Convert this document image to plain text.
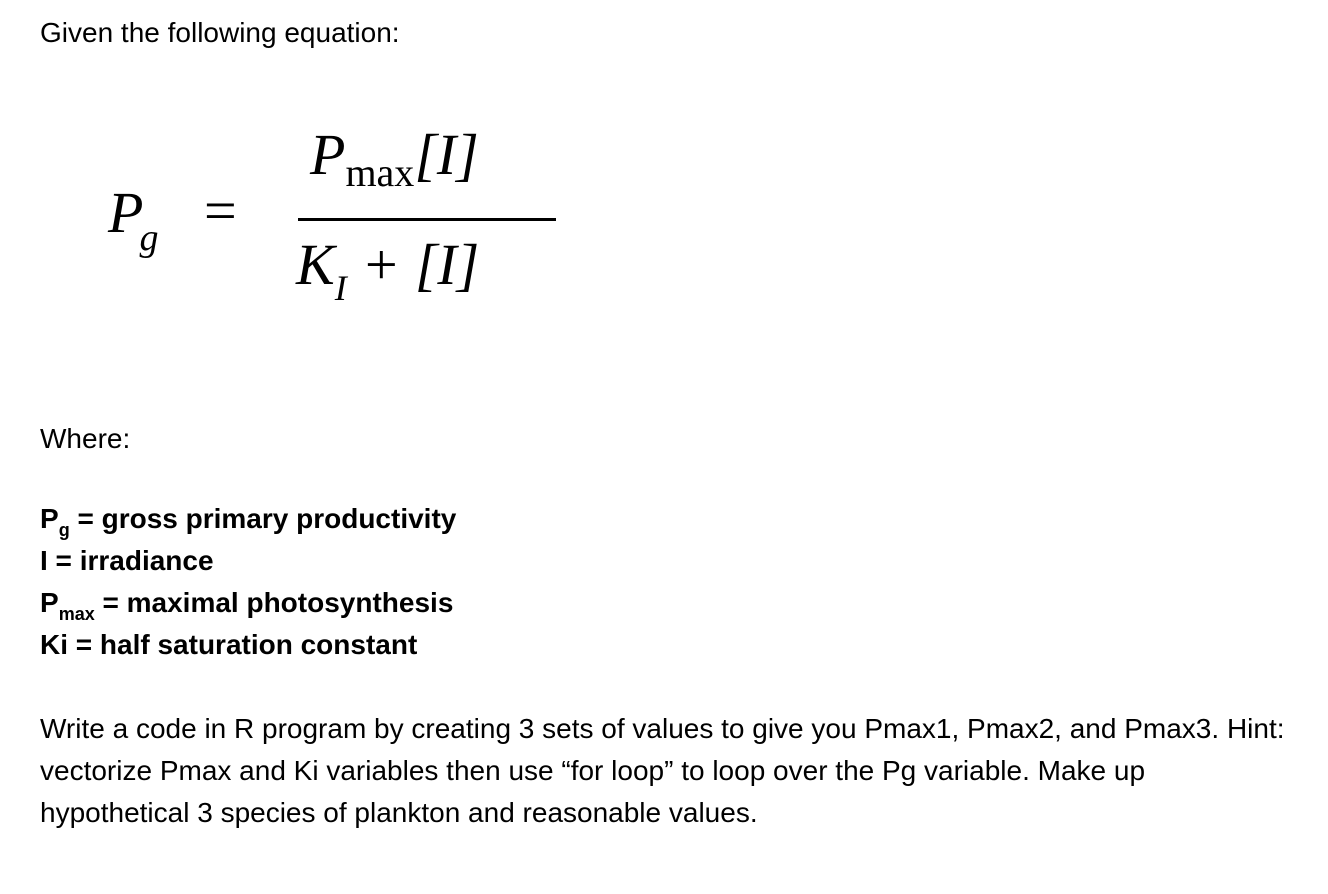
Given the following equation:

$P_g$ =
$P_{max}[I]$
$K_I + [I]$

Where:

$P_g$ = gross primary productivity
I = irradiance
$P_{max}$ = maximal photosynthesis
Ki = half saturation constant

Write a code in R program by creating 3 sets of values to give you Pmax1, Pmax2, and Pmax3. Hint: vectorize Pmax and Ki variables then use “for loop” to loop over the Pg variable. Make up hypothetical 3 species of plankton and reasonable values.
